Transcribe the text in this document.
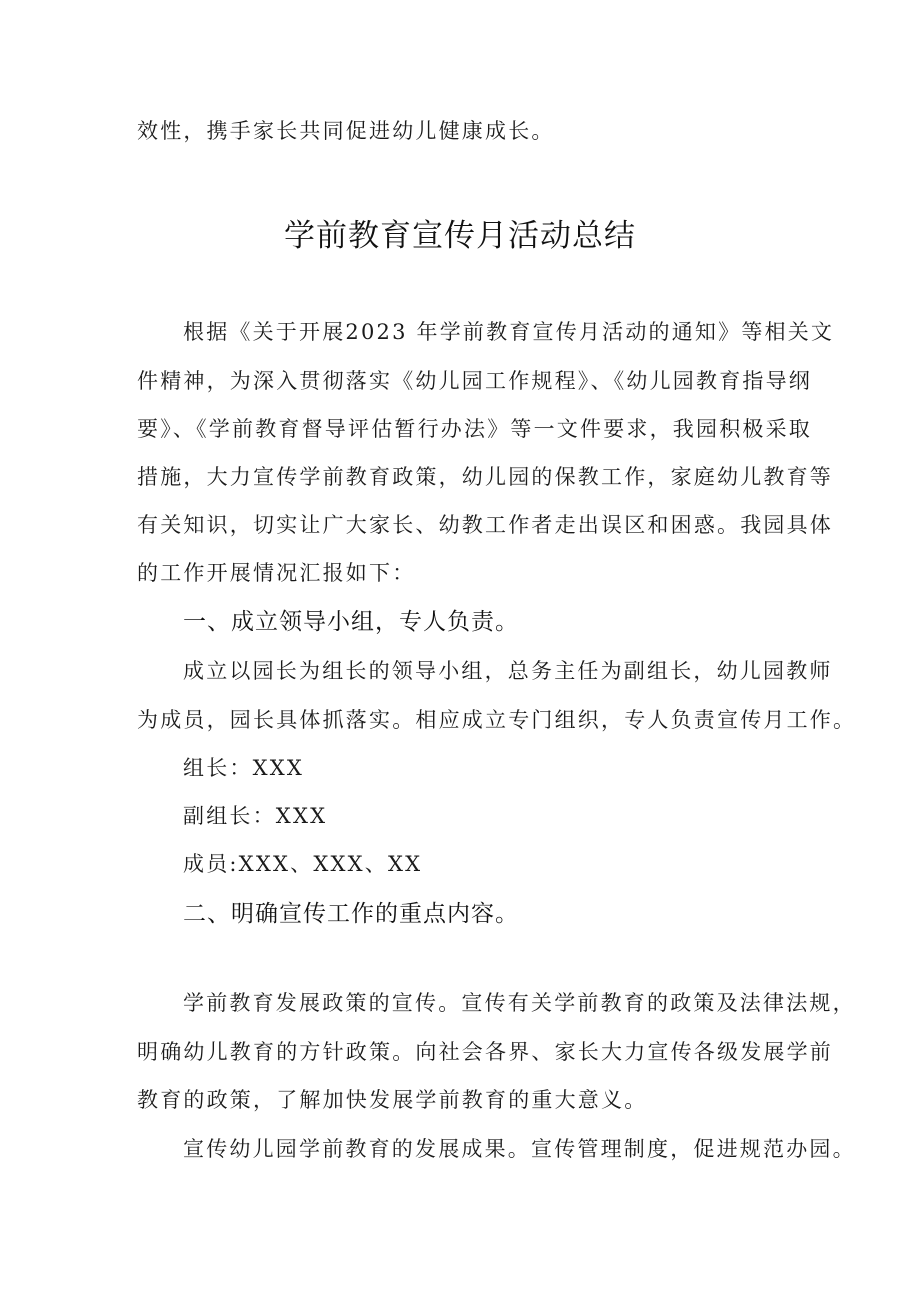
效性，携手家长共同促进幼儿健康成长。
学前教育宣传月活动总结
根据《关于开展2023 年学前教育宣传月活动的通知》等相关文
件精神，为深入贯彻落实《幼儿园工作规程》、《幼儿园教育指导纲
要》、《学前教育督导评估暂行办法》等一文件要求，我园积极采取
措施，大力宣传学前教育政策，幼儿园的保教工作，家庭幼儿教育等
有关知识，切实让广大家长、幼教工作者走出误区和困惑。我园具体
的工作开展情况汇报如下：
一、成立领导小组，专人负责。
成立以园长为组长的领导小组，总务主任为副组长，幼儿园教师
为成员，园长具体抓落实。相应成立专门组织，专人负责宣传月工作。
组长：XXX
副组长：XXX
成员:XXX、XXX、XX
二、明确宣传工作的重点内容。
学前教育发展政策的宣传。宣传有关学前教育的政策及法律法规，
明确幼儿教育的方针政策。向社会各界、家长大力宣传各级发展学前
教育的政策，了解加快发展学前教育的重大意义。
宣传幼儿园学前教育的发展成果。宣传管理制度，促进规范办园。
